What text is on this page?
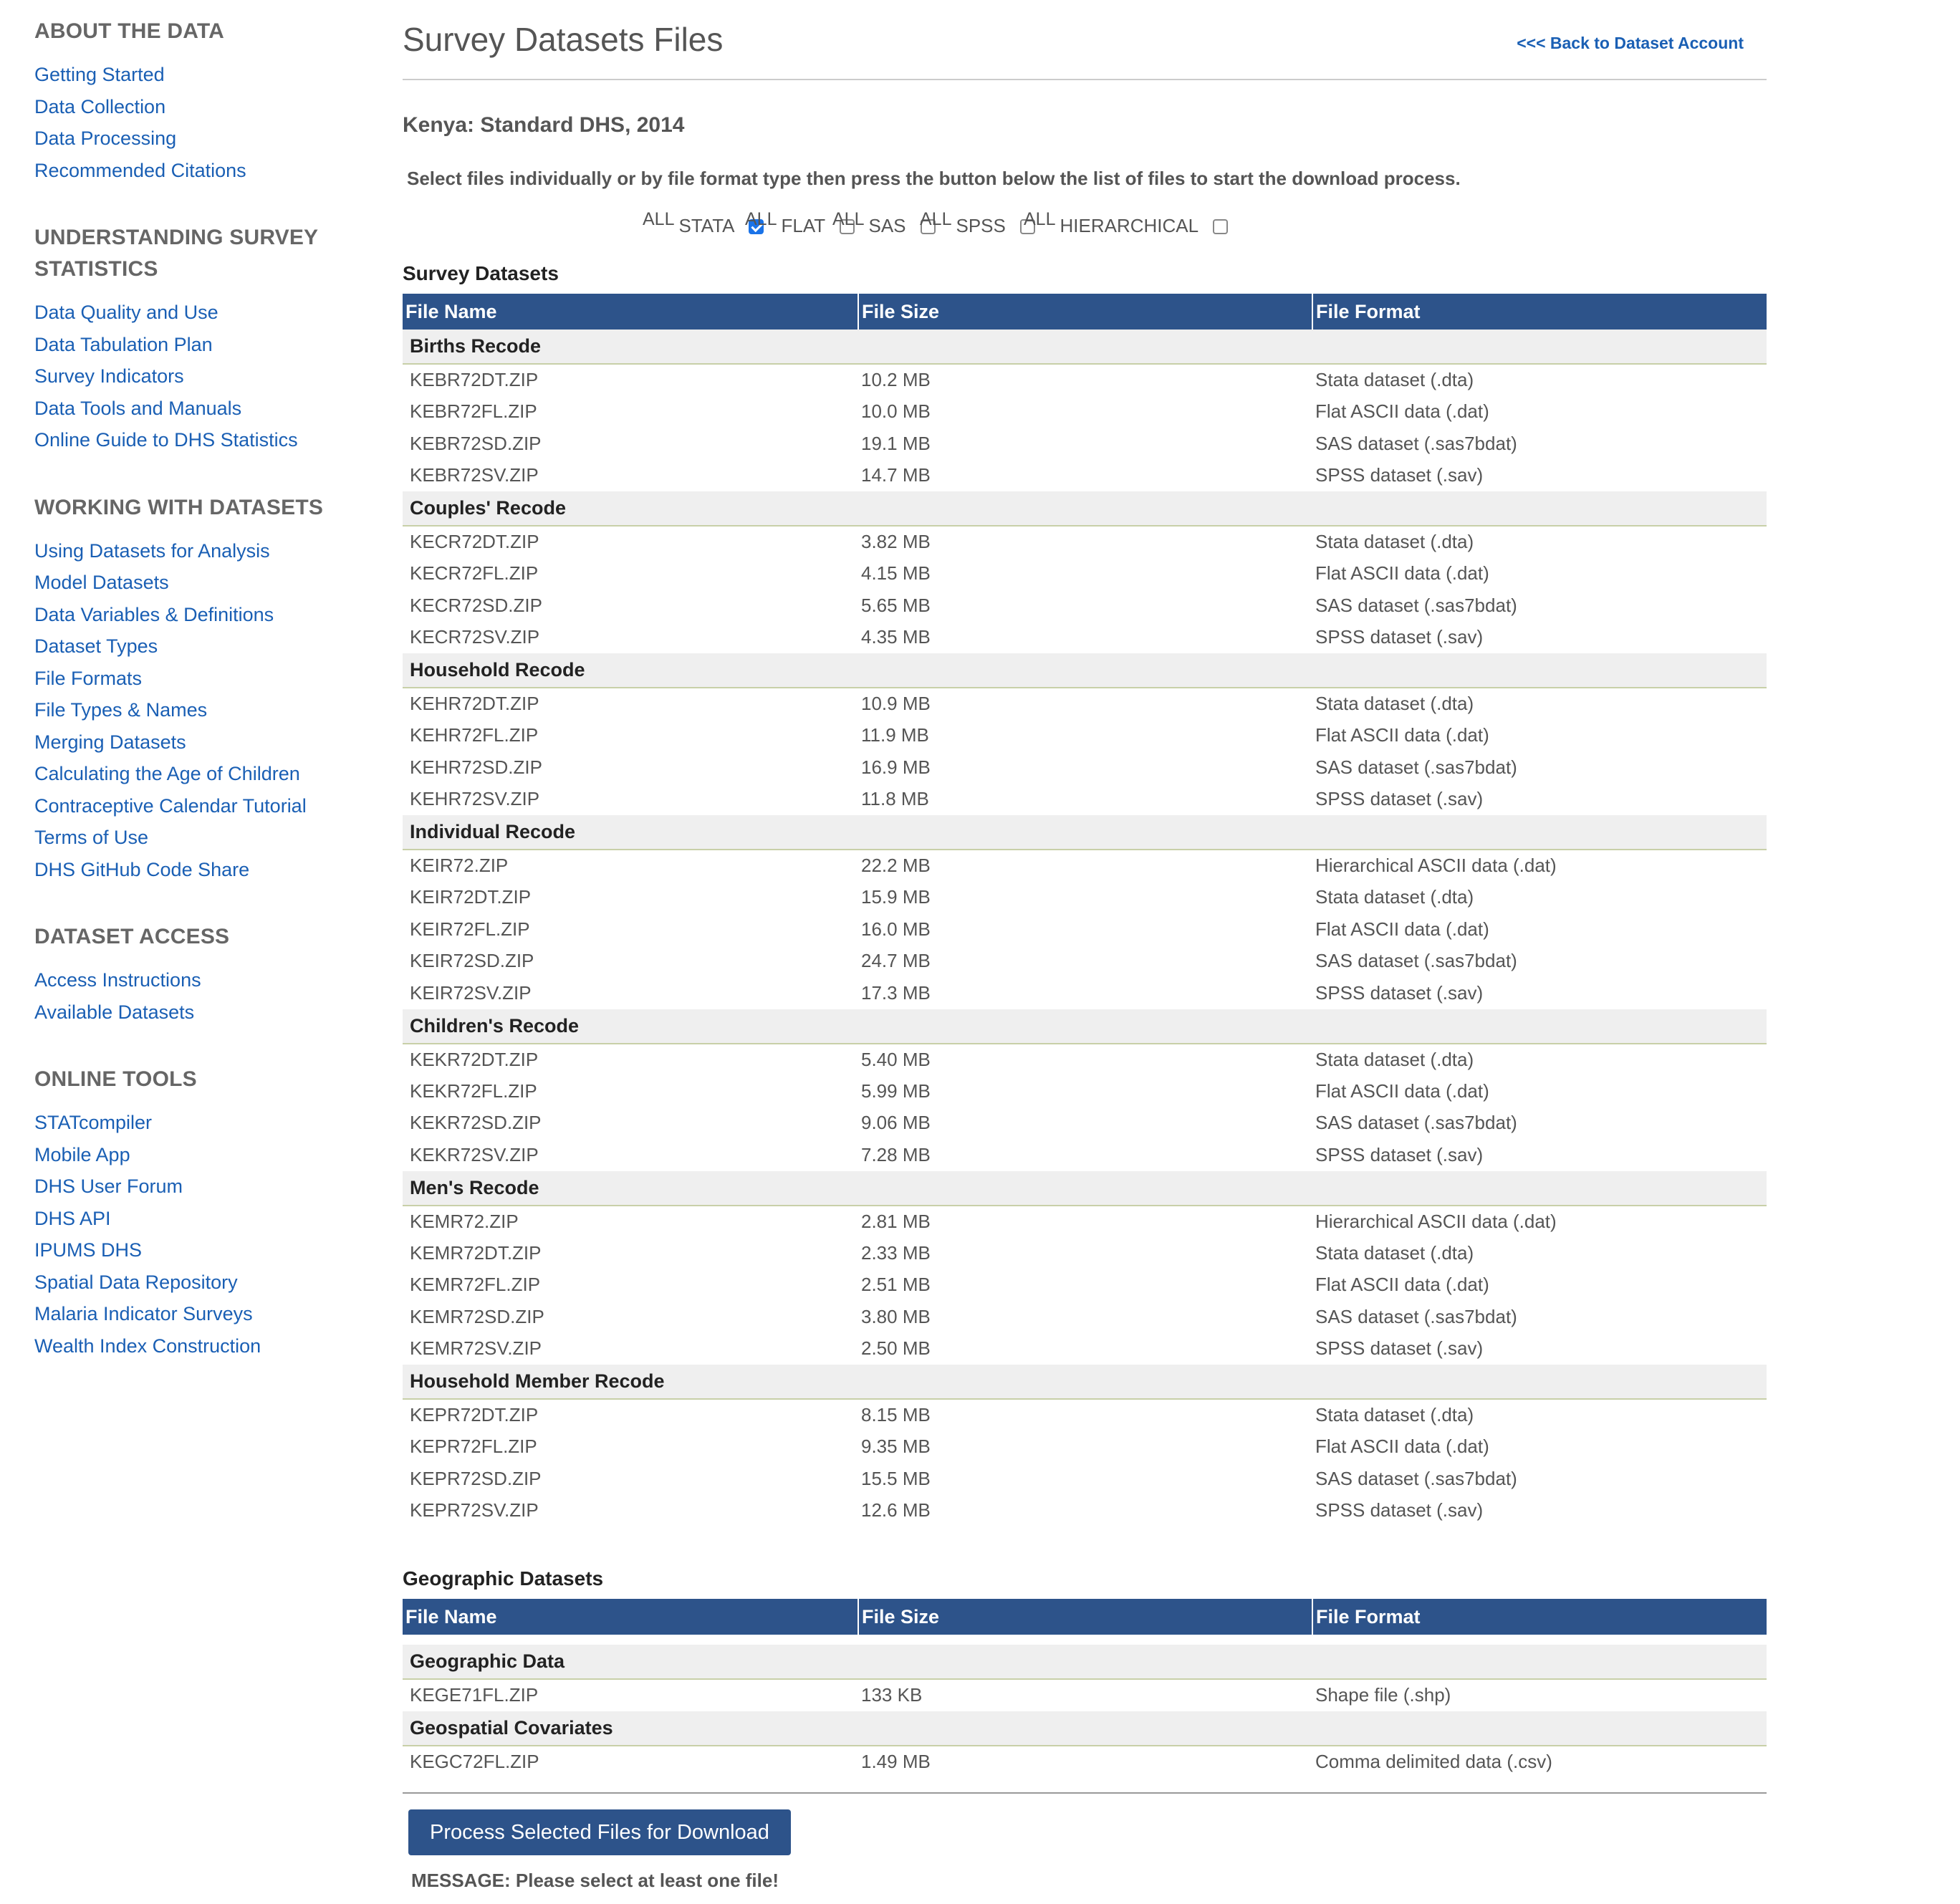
ABOUT THE DATA
Getting Started
Data Collection
Data Processing
Recommended Citations
UNDERSTANDING SURVEY STATISTICS
Data Quality and Use
Data Tabulation Plan
Survey Indicators
Data Tools and Manuals
Online Guide to DHS Statistics
WORKING WITH DATASETS
Using Datasets for Analysis
Model Datasets
Data Variables & Definitions
Dataset Types
File Formats
File Types & Names
Merging Datasets
Calculating the Age of Children
Contraceptive Calendar Tutorial
Terms of Use
DHS GitHub Code Share
DATASET ACCESS
Access Instructions
Available Datasets
ONLINE TOOLS
STATcompiler
Mobile App
DHS User Forum
DHS API
IPUMS DHS
Spatial Data Repository
Malaria Indicator Surveys
Wealth Index Construction
Survey Datasets Files	<<< Back to Dataset Account
Kenya: Standard DHS, 2014
Select files individually or by file format type then press the button below the list of files to start the download process.
ALL STATA ALL FLAT ALL SAS ALL SPSS ALL HIERARCHICAL
Survey Datasets
File Name	File Size	File Format
Births Recode		
KEBR72DT.ZIP	10.2 MB	Stata dataset (.dta)
KEBR72FL.ZIP	10.0 MB	Flat ASCII data (.dat)
KEBR72SD.ZIP	19.1 MB	SAS dataset (.sas7bdat)
KEBR72SV.ZIP	14.7 MB	SPSS dataset (.sav)
Couples' Recode		
KECR72DT.ZIP	3.82 MB	Stata dataset (.dta)
KECR72FL.ZIP	4.15 MB	Flat ASCII data (.dat)
KECR72SD.ZIP	5.65 MB	SAS dataset (.sas7bdat)
KECR72SV.ZIP	4.35 MB	SPSS dataset (.sav)
Household Recode		
KEHR72DT.ZIP	10.9 MB	Stata dataset (.dta)
KEHR72FL.ZIP	11.9 MB	Flat ASCII data (.dat)
KEHR72SD.ZIP	16.9 MB	SAS dataset (.sas7bdat)
KEHR72SV.ZIP	11.8 MB	SPSS dataset (.sav)
Individual Recode		
KEIR72.ZIP	22.2 MB	Hierarchical ASCII data (.dat)
KEIR72DT.ZIP	15.9 MB	Stata dataset (.dta)
KEIR72FL.ZIP	16.0 MB	Flat ASCII data (.dat)
KEIR72SD.ZIP	24.7 MB	SAS dataset (.sas7bdat)
KEIR72SV.ZIP	17.3 MB	SPSS dataset (.sav)
Children's Recode		
KEKR72DT.ZIP	5.40 MB	Stata dataset (.dta)
KEKR72FL.ZIP	5.99 MB	Flat ASCII data (.dat)
KEKR72SD.ZIP	9.06 MB	SAS dataset (.sas7bdat)
KEKR72SV.ZIP	7.28 MB	SPSS dataset (.sav)
Men's Recode		
KEMR72.ZIP	2.81 MB	Hierarchical ASCII data (.dat)
KEMR72DT.ZIP	2.33 MB	Stata dataset (.dta)
KEMR72FL.ZIP	2.51 MB	Flat ASCII data (.dat)
KEMR72SD.ZIP	3.80 MB	SAS dataset (.sas7bdat)
KEMR72SV.ZIP	2.50 MB	SPSS dataset (.sav)
Household Member Recode		
KEPR72DT.ZIP	8.15 MB	Stata dataset (.dta)
KEPR72FL.ZIP	9.35 MB	Flat ASCII data (.dat)
KEPR72SD.ZIP	15.5 MB	SAS dataset (.sas7bdat)
KEPR72SV.ZIP	12.6 MB	SPSS dataset (.sav)
Geographic Datasets
File Name	File Size	File Format

Geographic Data		
KEGE71FL.ZIP	133 KB	Shape file (.shp)
Geospatial Covariates		
KEGC72FL.ZIP	1.49 MB	Comma delimited data (.csv)
Process Selected Files for Download
MESSAGE: Please select at least one file!
